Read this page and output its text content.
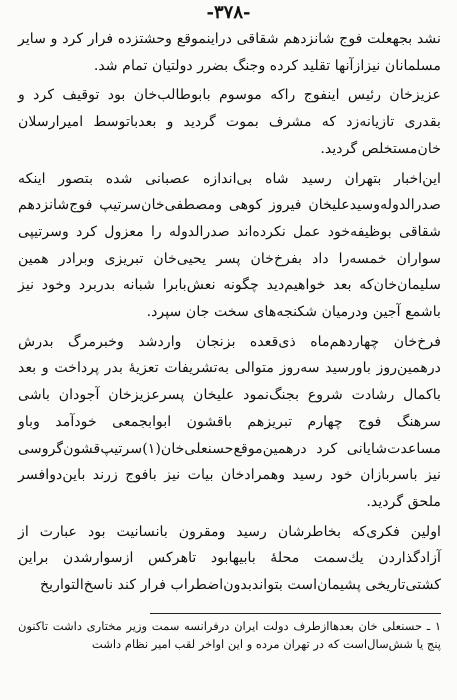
-۳۷۸-

نشد بجهعلت فوج شانزدهم شقاقی دراینموقع وحشتزده فرار کرد و سایر مسلمانان نیزازآنها تقلید کرده وجنگ بضرر دولتیان تمام شد.

عزیزخان رئیس اینفوج راکه موسوم بابوطالب‌خان بود توقیف کرد و بقدری تازیانه‌زد که مشرف بموت گردید و بعدباتوسط امیرارسلان خان‌مستخلص گردید.

این‌اخبار بتهران رسید شاه بی‌اندازه عصبانی شده بتصور اینکه صدرالدوله‌وسیدعلیخان فیروز کوهی ومصطفی‌خان‌سرتیپ فوج‌شانزدهم شقاقی بوظیفه‌خود عمل نکرده‌اند صدرالدوله را معزول کرد وسرتیپی سواران خمسه‌را داد بفرخ‌خان پسر یحیی‌خان تبریزی وبرادر همین سلیمان‌خان‌که بعد خواهیم‌دید چگونه نعش‌بابرا شبانه بدربرد وخود نیز باشمع آجین ودرمیان شکنجه‌های سخت جان سپرد.

فرخ‌خان چهاردهم‌ماه ذی‌قعده بزنجان واردشد وخبرمرگ بدرش درهمین‌روز باورسید سه‌روز متوالی به‌تشریفات تعزیهٔ بدر پرداخت و بعد باکمال رشادت شروع بجنگ‌نمود علیخان پسرعزیزخان آجودان باشی سرهنگ فوج چهارم تبریزهم باقشون ابوابجمعی خودآمد وباو مساعدت‌شایانی کرد درهمین‌موقع‌حسنعلی‌خان(۱)سرتیپ‌قشون‌گروسی نیز باسربازان خود رسید وهمرادخان بیات نیز بافوج زرند باین‌دوافسر ملحق گردید.

اولین فکری‌که بخاطرشان رسید ومقرون بانسانیت بود عبارت از آزادگذاردن یك‌سمت محلهٔ بابیهابود تاهرکس ازسوارشدن براین کشتی‌تاریخی پشیمان‌است بتواندبدون‌اضطراب فرار کند ناسخ‌التواریخ

۱ ـ حسنعلی خان بعدهاازطرف دولت ایران درفرانسه سمت وزیر مختاری داشت تاکنون پنج یا شش‌سال‌است که در تهران مرده و این اواخر لقب امیر نظام داشت
